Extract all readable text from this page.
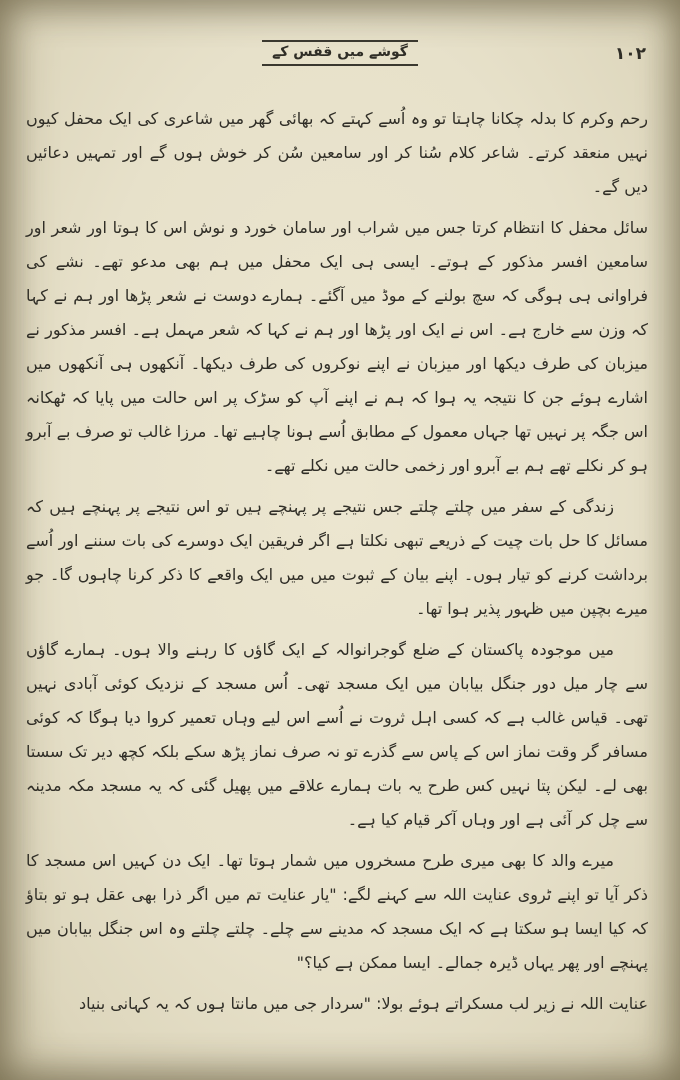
گوشے میں قفس کے	۱۰۲

رحم وکرم کا بدلہ چکانا چاہتا تو وہ اُسے کہتے کہ بھائی گھر میں شاعری کی ایک محفل کیوں نہیں منعقد کرتے۔ شاعر کلام سُنا کر اور سامعین سُن کر خوش ہوں گے اور تمہیں دعائیں دیں گے۔

سائل محفل کا انتظام کرتا جس میں شراب اور سامان خورد و نوش اس کا ہوتا اور شعر اور سامعین افسر مذکور کے ہوتے۔ ایسی ہی ایک محفل میں ہم بھی مدعو تھے۔ نشے کی فراوانی ہی ہوگی کہ سچ بولنے کے موڈ میں آگئے۔ ہمارے دوست نے شعر پڑھا اور ہم نے کہا کہ وزن سے خارج ہے۔ اس نے ایک اور پڑھا اور ہم نے کہا کہ شعر مہمل ہے۔ افسر مذکور نے میزبان کی طرف دیکھا اور میزبان نے اپنے نوکروں کی طرف دیکھا۔ آنکھوں ہی آنکھوں میں اشارے ہوئے جن کا نتیجہ یہ ہوا کہ ہم نے اپنے آپ کو سڑک پر اس حالت میں پایا کہ ٹھکانہ اس جگہ پر نہیں تھا جہاں معمول کے مطابق اُسے ہونا چاہیے تھا۔ مرزا غالب تو صرف بے آبرو ہو کر نکلے تھے ہم بے آبرو اور زخمی حالت میں نکلے تھے۔

زندگی کے سفر میں چلتے چلتے جس نتیجے پر پہنچے ہیں تو اس نتیجے پر پہنچے ہیں کہ مسائل کا حل بات چیت کے ذریعے تبھی نکلتا ہے اگر فریقین ایک دوسرے کی بات سننے اور اُسے برداشت کرنے کو تیار ہوں۔ اپنے بیان کے ثبوت میں میں ایک واقعے کا ذکر کرنا چاہوں گا۔ جو میرے بچپن میں ظہور پذیر ہوا تھا۔

میں موجودہ پاکستان کے ضلع گوجرانوالہ کے ایک گاؤں کا رہنے والا ہوں۔ ہمارے گاؤں سے چار میل دور جنگل بیابان میں ایک مسجد تھی۔ اُس مسجد کے نزدیک کوئی آبادی نہیں تھی۔ قیاس غالب ہے کہ کسی اہل ثروت نے اُسے اس لیے وہاں تعمیر کروا دیا ہوگا کہ کوئی مسافر گر وقت نماز اس کے پاس سے گذرے تو نہ صرف نماز پڑھ سکے بلکہ کچھ دیر تک سستا بھی لے۔ لیکن پتا نہیں کس طرح یہ بات ہمارے علاقے میں پھیل گئی کہ یہ مسجد مکہ مدینہ سے چل کر آئی ہے اور وہاں آکر قیام کیا ہے۔

میرے والد کا بھی میری طرح مسخروں میں شمار ہوتا تھا۔ ایک دن کہیں اس مسجد کا ذکر آیا تو اپنے ٹروی عنایت اللہ سے کہنے لگے: "یار عنایت تم میں اگر ذرا بھی عقل ہو تو بتاؤ کہ کیا ایسا ہو سکتا ہے کہ ایک مسجد کہ مدینے سے چلے۔ چلتے چلتے وہ اس جنگل بیابان میں پہنچے اور پھر یہاں ڈیرہ جمالے۔ ایسا ممکن ہے کیا؟"

عنایت اللہ نے زیر لب مسکراتے ہوئے بولا: "سردار جی میں مانتا ہوں کہ یہ کہانی بنیاد
